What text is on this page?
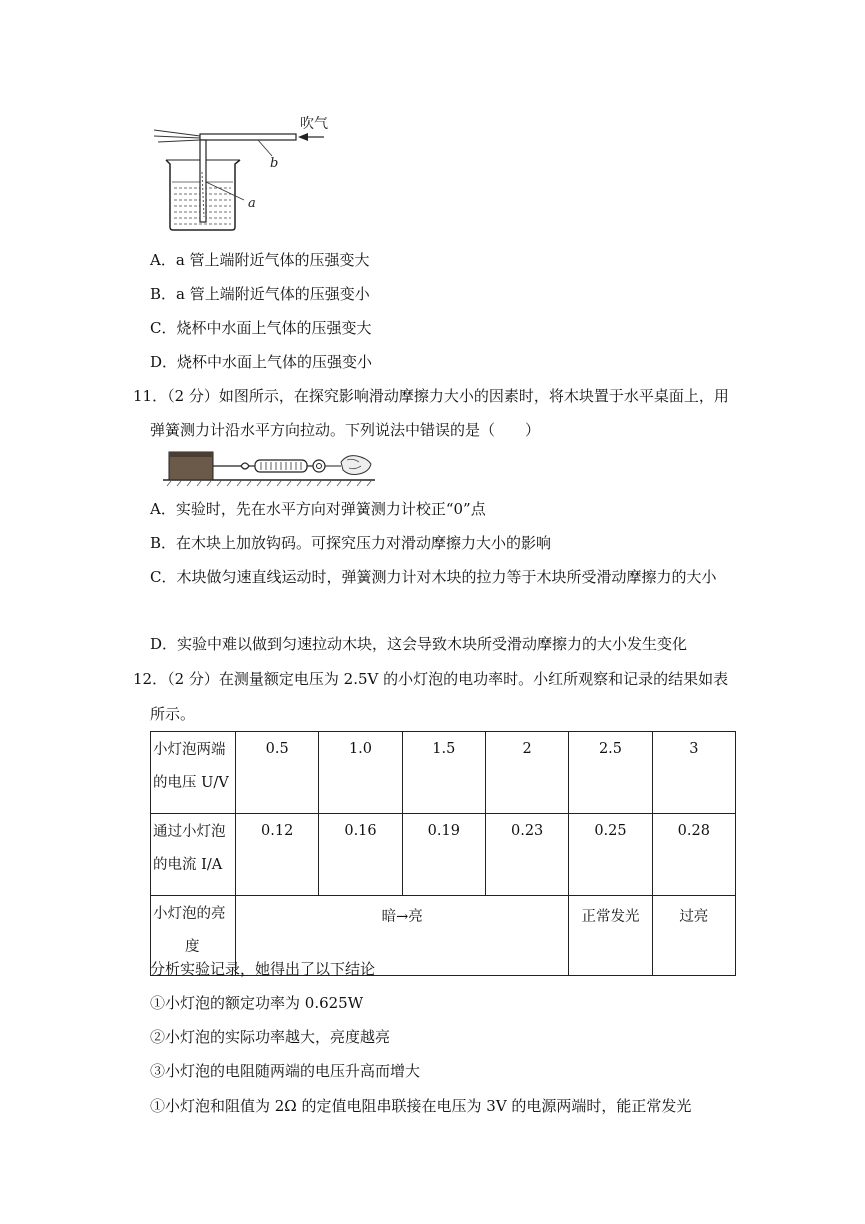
a
b
吹气
A．a 管上端附近气体的压强变大
B．a 管上端附近气体的压强变小
C．烧杯中水面上气体的压强变大
D．烧杯中水面上气体的压强变小
11．（2 分）如图所示，在探究影响滑动摩擦力大小的因素时，将木块置于水平桌面上，用
弹簧测力计沿水平方向拉动。下列说法中错误的是（　　）
A．实验时，先在水平方向对弹簧测力计校正“0”点
B．在木块上加放钩码。可探究压力对滑动摩擦力大小的影响
C．木块做匀速直线运动时，弹簧测力计对木块的拉力等于木块所受滑动摩擦力的大小
D．实验中难以做到匀速拉动木块，这会导致木块所受滑动摩擦力的大小发生变化
12．（2 分）在测量额定电压为 2.5V 的小灯泡的电功率时。小红所观察和记录的结果如表
所示。
小灯泡两端
的电压 U/V	0.5	1.0	1.5	2	2.5	3

通过小灯泡
的电流 I/A	0.12	0.16	0.19	0.23	0.25	0.28

小灯泡的亮
度	暗→亮				正常发光	过亮
分析实验记录，她得出了以下结论
①小灯泡的额定功率为 0.625W
②小灯泡的实际功率越大，亮度越亮
③小灯泡的电阻随两端的电压升高而增大
①小灯泡和阻值为 2Ω 的定值电阻串联接在电压为 3V 的电源两端时，能正常发光
